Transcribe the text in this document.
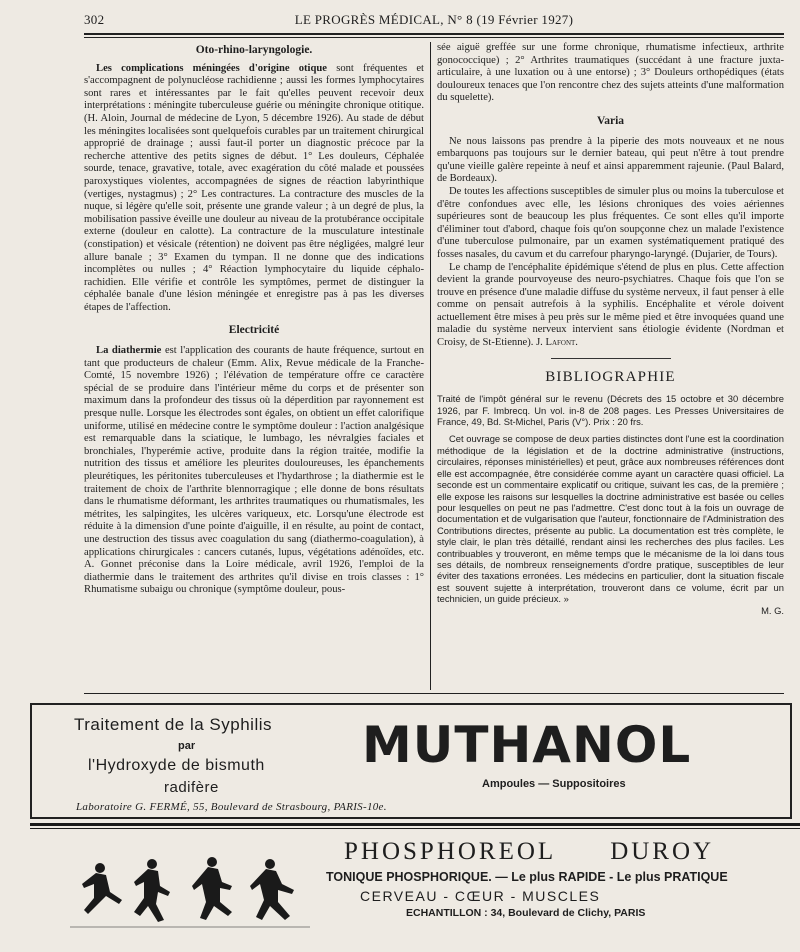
302	LE PROGRÈS MÉDICAL, N° 8 (19 Février 1927)
Oto-rhino-laryngologie.

Les complications méningées d'origine otique sont fréquentes et s'accompagnent de polynucléose rachidienne ; aussi les formes lymphocytaires sont rares et intéressantes par le fait qu'elles peuvent recevoir deux interprétations : méningite tuberculeuse guérie ou méningite chronique otitique. (H. Aloin, Journal de médecine de Lyon, 5 décembre 1926). Au stade de début les méningites localisées sont quelquefois curables par un traitement chirurgical approprié de drainage ; aussi faut-il porter un diagnostic précoce par la recherche attentive des petits signes de début. 1° Les douleurs, Céphalée sourde, tenace, gravative, totale, avec exagération du côté malade et poussées paroxystiques violentes, accompagnées de signes de réaction labyrinthique (vertiges, nystagmus) ; 2° Les contractures. La contracture des muscles de la nuque, si légère qu'elle soit, présente une grande valeur ; à un degré de plus, la mobilisation passive éveille une douleur au niveau de la protubérance occipitale externe (douleur en calotte). La contracture de la musculature intestinale (constipation) et vésicale (rétention) ne doivent pas être négligées, malgré leur allure banale ; 3° Examen du tympan. Il ne donne que des indications incomplètes ou nulles ; 4° Réaction lymphocytaire du liquide céphalo-rachidien. Elle vérifie et contrôle les symptômes, permet de distinguer la céphalée banale d'une lésion méningée et enregistre pas à pas les diverses étapes de l'affection.

Electricité

La diathermie est l'application des courants de haute fréquence, surtout en tant que producteurs de chaleur (Emm. Alix, Revue médicale de la Franche-Comté, 15 novembre 1926) ; l'élévation de température offre ce caractère spécial de se produire dans l'intérieur même du corps et de présenter son maximum dans la profondeur des tissus où la déperdition par rayonnement est presque nulle. Lorsque les électrodes sont égales, on obtient un effet calorifique uniforme, utilisé en médecine contre le symptôme douleur : l'action analgésique est remarquable dans la sciatique, le lumbago, les névralgies faciales et bronchiales, l'hyperémie active, produite dans la région traitée, modifie la nutrition des tissus et améliore les pleurites douloureuses, les épanchements pleurétiques, les péritonites tuberculeuses et l'hydarthrose ; la diathermie est le traitement de choix de l'arthrite blennorragique ; elle donne de bons résultats dans le rhumatisme déformant, les arthrites traumatiques ou rhumatismales, les métrites, les salpingites, les ulcères variqueux, etc. Lorsqu'une électrode est réduite à la dimension d'une pointe d'aiguille, il en résulte, au point de contact, une destruction des tissus avec coagulation du sang (diathermo-coagulation), à applications chirurgicales : cancers cutanés, lupus, végétations adénoïdes, etc. A. Gonnet préconise dans la Loire médicale, avril 1926, l'emploi de la diathermie dans le traitement des arthrites qu'il divise en trois classes : 1° Rhumatisme subaigu ou chronique (symptôme douleur, pous-

sée aiguë greffée sur une forme chronique, rhumatisme infectieux, arthrite gonococcique) ; 2° Arthrites traumatiques (succédant à une fracture juxta-articulaire, à une luxation ou à une entorse) ; 3° Douleurs orthopédiques (états douloureux tenaces que l'on rencontre chez des sujets atteints d'une malformation du squelette).

Varia

Ne nous laissons pas prendre à la piperie des mots nouveaux et ne nous embarquons pas toujours sur le dernier bateau, qui peut n'être à tout prendre qu'une vieille galère repeinte à neuf et ainsi apparemment rajeunie. (Paul Balard, de Bordeaux).

De toutes les affections susceptibles de simuler plus ou moins la tuberculose et d'être confondues avec elle, les lésions chroniques des voies aériennes supérieures sont de beaucoup les plus fréquentes. Ce sont elles qu'il importe d'éliminer tout d'abord, chaque fois qu'on soupçonne chez un malade l'existence d'une tuberculose pulmonaire, par un examen systématiquement pratiqué des fosses nasales, du cavum et du carrefour pharyngo-laryngé. (Dujarier, de Tours).

Le champ de l'encéphalite épidémique s'étend de plus en plus. Cette affection devient la grande pourvoyeuse des neuro-psychiatres. Chaque fois que l'on se trouve en présence d'une maladie diffuse du système nerveux, il faut penser à elle comme on pensait autrefois à la syphilis. Encéphalite et vérole doivent actuellement être mises à peu près sur le même pied et être invoquées quand une maladie du système nerveux intervient sans étiologie évidente (Nordman et Croisy, de St-Etienne). J. Lafont.

BIBLIOGRAPHIE

Traité de l'impôt général sur le revenu (Décrets des 15 octobre et 30 décembre 1926, par F. Imbrecq. Un vol. in-8 de 208 pages. Les Presses Universitaires de France, 49, Bd. St-Michel, Paris (V°). Prix : 20 frs.

Cet ouvrage se compose de deux parties distinctes dont l'une est la coordination méthodique de la législation et de la doctrine administrative (instructions, circulaires, réponses ministérielles) et peut, grâce aux nombreuses références dont elle est accompagnée, être considérée comme ayant un caractère quasi officiel. La seconde est un commentaire explicatif ou critique, suivant les cas, de la première ; elle expose les raisons sur lesquelles la doctrine administrative est basée ou celles pour lesquelles on peut ne pas l'admettre. C'est donc tout à la fois un ouvrage de documentation et de vulgarisation que l'auteur, fonctionnaire de l'Administration des Contributions directes, présente au public. La documentation est très complète, le style clair, le plan très détaillé, rendant ainsi les recherches des plus faciles. Les contribuables y trouveront, en même temps que le mécanisme de la loi dans tous ses détails, de nombreux renseignements d'ordre pratique, susceptibles de leur éviter des taxations erronées. Les médecins en particulier, dont la situation fiscale est souvent sujette à interprétation, trouveront dans ce volume, écrit par un technicien, un guide précieux. »

M. G.
Traitement de la Syphilis
par
l'Hydroxyde de bismuth
radifère
MUTHANOL
Ampoules — Suppositoires
Laboratoire G. FERMÉ, 55, Boulevard de Strasbourg, PARIS-10e.
PHOSPHOREOL DUROY
TONIQUE PHOSPHORIQUE. — Le plus RAPIDE - Le plus PRATIQUE
CERVEAU - CŒUR - MUSCLES
ECHANTILLON : 34, Boulevard de Clichy, PARIS
